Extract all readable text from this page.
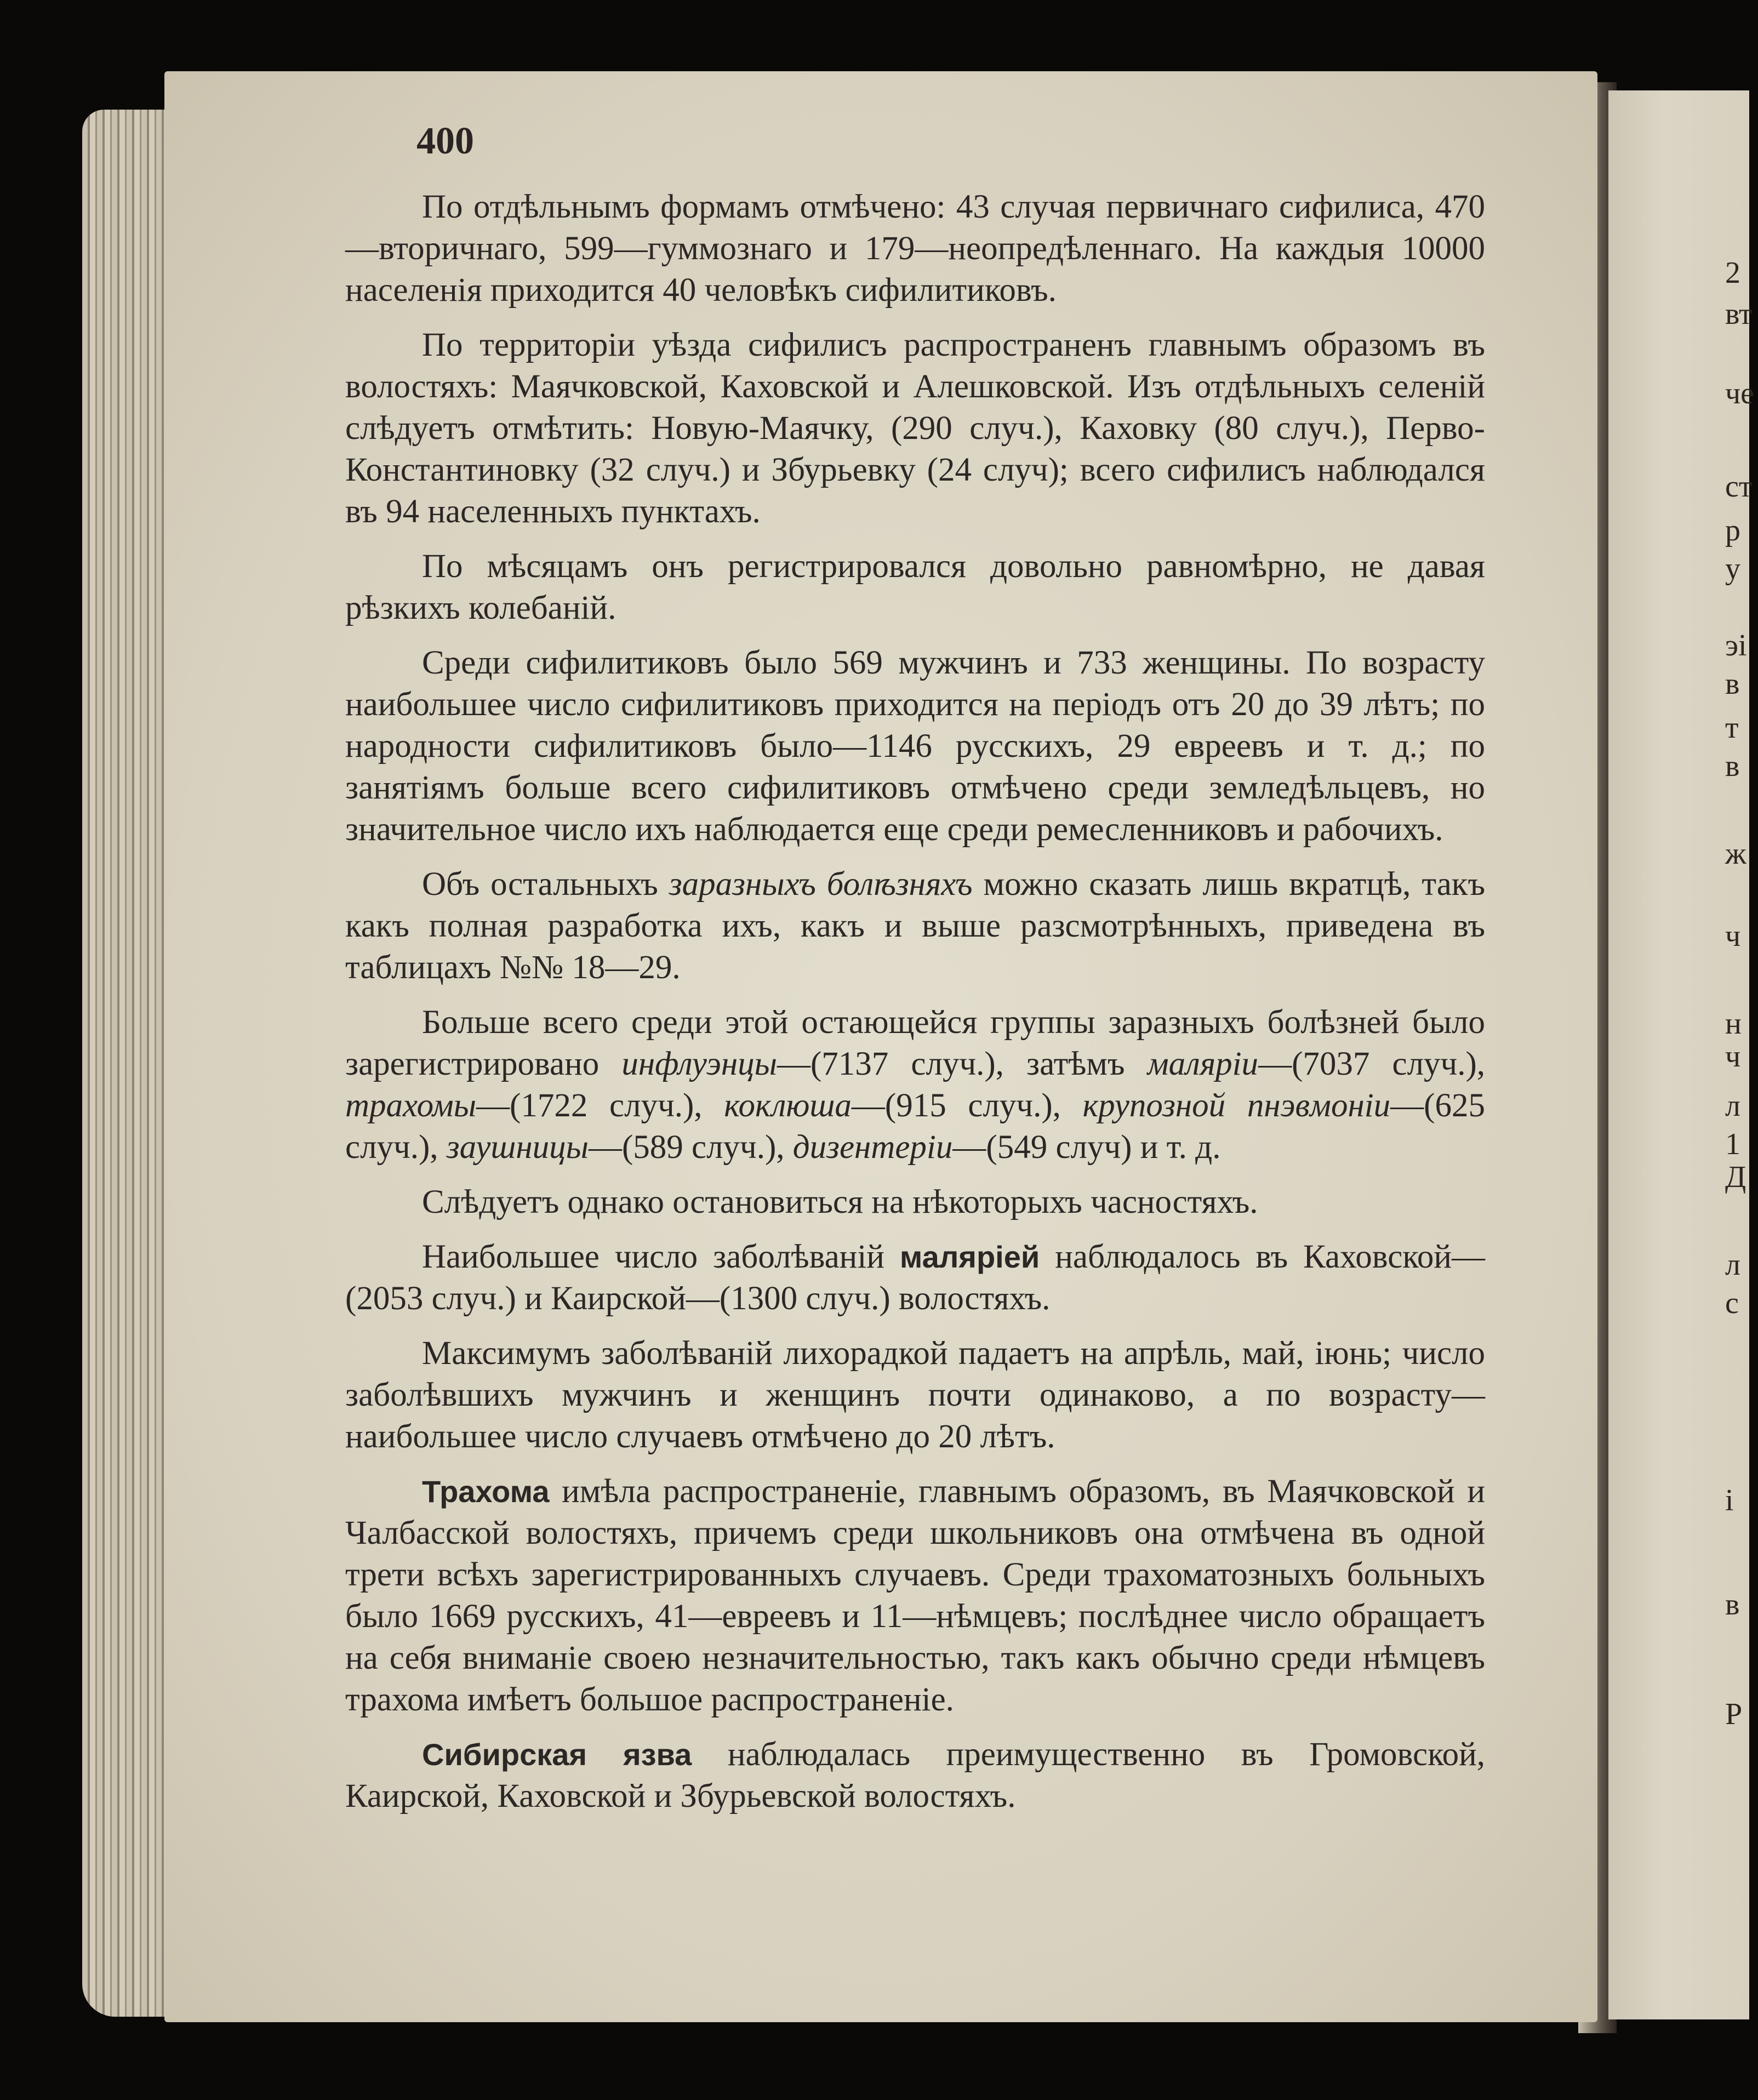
2
вт
че
ст
р
у
эі
в
т
в
ж
ч
н
ч
л
1
Д
л
с
і
в
Р
400

По отдѣльнымъ формамъ отмѣчено: 43 случая первичнаго сифилиса, 470—вторичнаго, 599—гуммознаго и 179—неопредѣленнаго. На каждыя 10000 населенія приходится 40 человѣкъ сифилитиковъ.

По территоріи уѣзда сифилисъ распространенъ главнымъ образомъ въ волостяхъ: Маячковской, Каховской и Алешковской. Изъ отдѣльныхъ селеній слѣдуетъ отмѣтить: Новую-Маячку, (290 случ.), Каховку (80 случ.), Перво-Константиновку (32 случ.) и Збурьевку (24 случ); всего сифилисъ наблюдался въ 94 населенныхъ пунктахъ.

По мѣсяцамъ онъ регистрировался довольно равномѣрно, не давая рѣзкихъ колебаній.

Среди сифилитиковъ было 569 мужчинъ и 733 женщины. По возрасту наибольшее число сифилитиковъ приходится на періодъ отъ 20 до 39 лѣтъ; по народности сифилитиковъ было—1146 русскихъ, 29 евреевъ и т. д.; по занятіямъ больше всего сифилитиковъ отмѣчено среди земледѣльцевъ, но значительное число ихъ наблюдается еще среди ремесленниковъ и рабочихъ.

Объ остальныхъ заразныхъ болѣзняхъ можно сказать лишь вкратцѣ, такъ какъ полная разработка ихъ, какъ и выше разсмотрѣнныхъ, приведена въ таблицахъ №№ 18—29.

Больше всего среди этой остающейся группы заразныхъ болѣзней было зарегистрировано инфлуэнцы—(7137 случ.), затѣмъ маляріи—(7037 случ.), трахомы—(1722 случ.), коклюша—(915 случ.), крупозной пнэвмоніи—(625 случ.), заушницы—(589 случ.), дизентеріи—(549 случ) и т. д.

Слѣдуетъ однако остановиться на нѣкоторыхъ часностяхъ.

Наибольшее число заболѣваній маляріей наблюдалось въ Каховской—(2053 случ.) и Каирской—(1300 случ.) волостяхъ.

Максимумъ заболѣваній лихорадкой падаетъ на апрѣль, май, іюнь; число заболѣвшихъ мужчинъ и женщинъ почти одинаково, а по возрасту—наибольшее число случаевъ отмѣчено до 20 лѣтъ.

Трахома имѣла распространеніе, главнымъ образомъ, въ Маячковской и Чалбасской волостяхъ, причемъ среди школьниковъ она отмѣчена въ одной трети всѣхъ зарегистрированныхъ случаевъ. Среди трахоматозныхъ больныхъ было 1669 русскихъ, 41—евреевъ и 11—нѣмцевъ; послѣднее число обращаетъ на себя вниманіе своею незначительностью, такъ какъ обычно среди нѣмцевъ трахома имѣетъ большое распространеніе.

Сибирская язва наблюдалась преимущественно въ Громовской, Каирской, Каховской и Збурьевской волостяхъ.
